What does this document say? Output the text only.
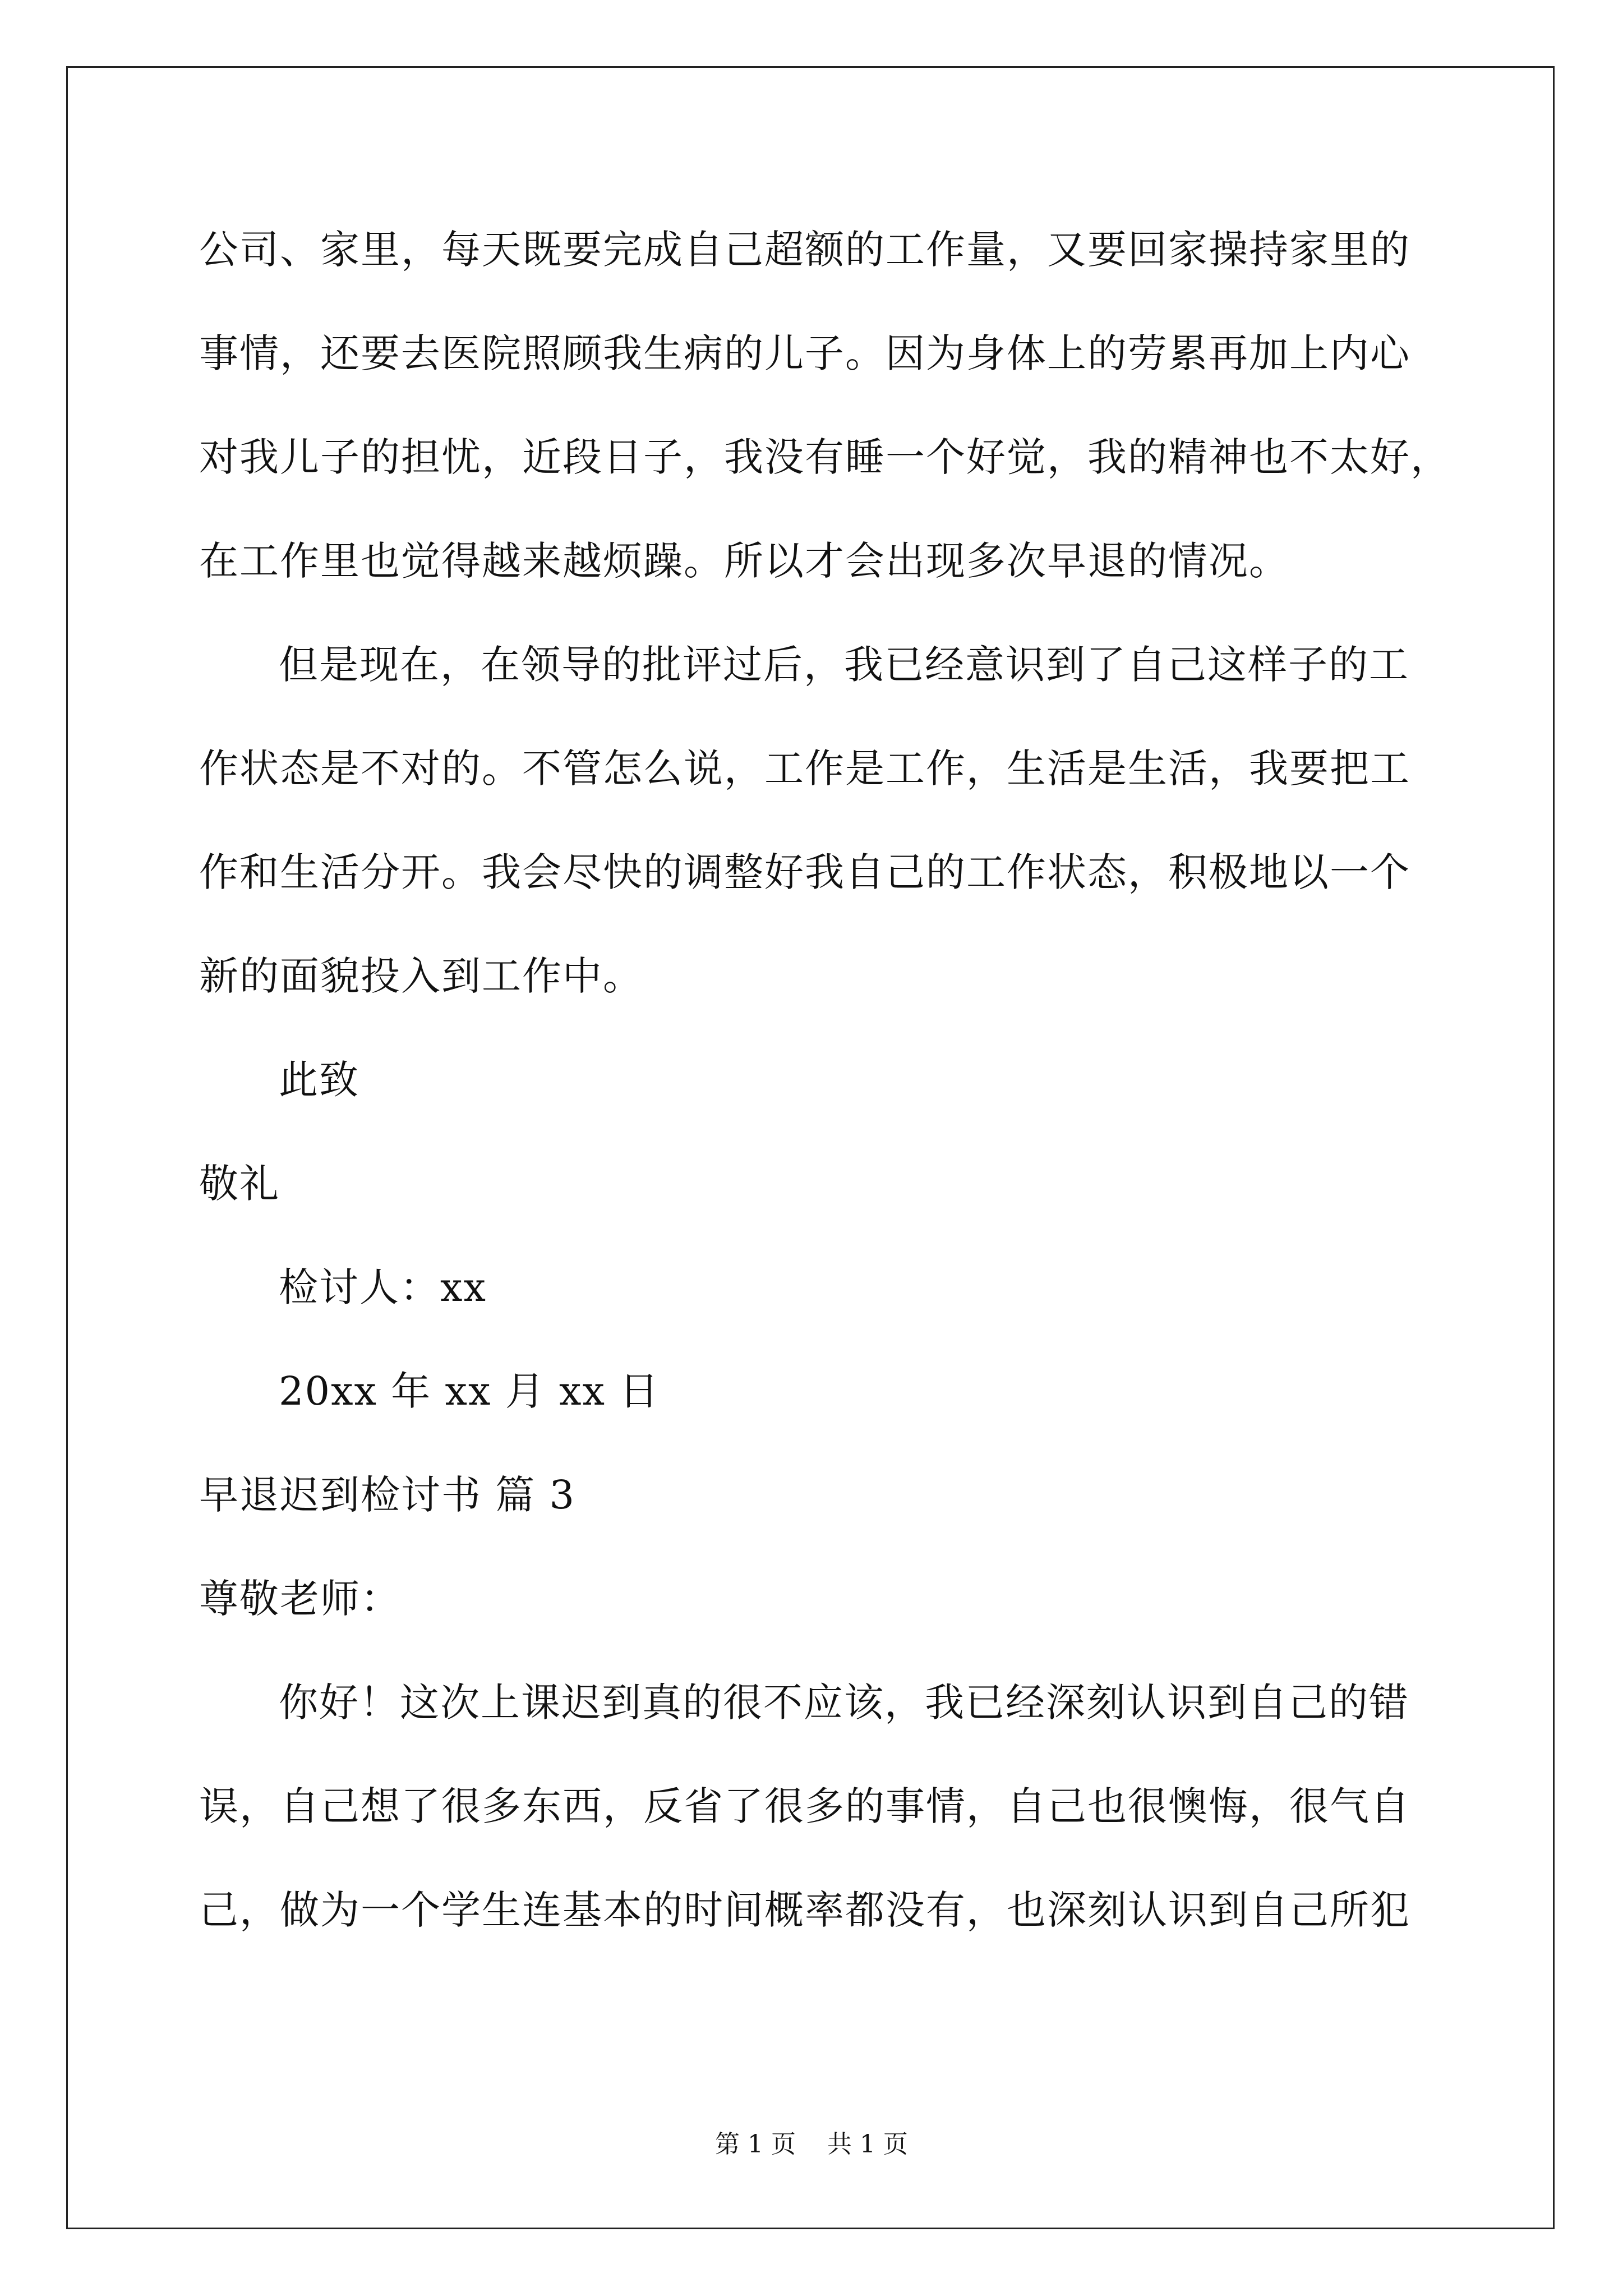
公司、家里，每天既要完成自己超额的工作量，又要回家操持家里的
事情，还要去医院照顾我生病的儿子。因为身体上的劳累再加上内心
对我儿子的担忧，近段日子，我没有睡一个好觉，我的精神也不太好，
在工作里也觉得越来越烦躁。所以才会出现多次早退的情况。
但是现在，在领导的批评过后，我已经意识到了自己这样子的工
作状态是不对的。不管怎么说，工作是工作，生活是生活，我要把工
作和生活分开。我会尽快的调整好我自己的工作状态，积极地以一个
新的面貌投入到工作中。
此致
敬礼
检讨人：xx
20xx 年 xx 月 xx 日
早退迟到检讨书 篇 3
尊敬老师：
你好！这次上课迟到真的很不应该，我已经深刻认识到自己的错
误，自己想了很多东西，反省了很多的事情，自己也很懊悔，很气自
己，做为一个学生连基本的时间概率都没有，也深刻认识到自己所犯
第 1 页    共 1 页
